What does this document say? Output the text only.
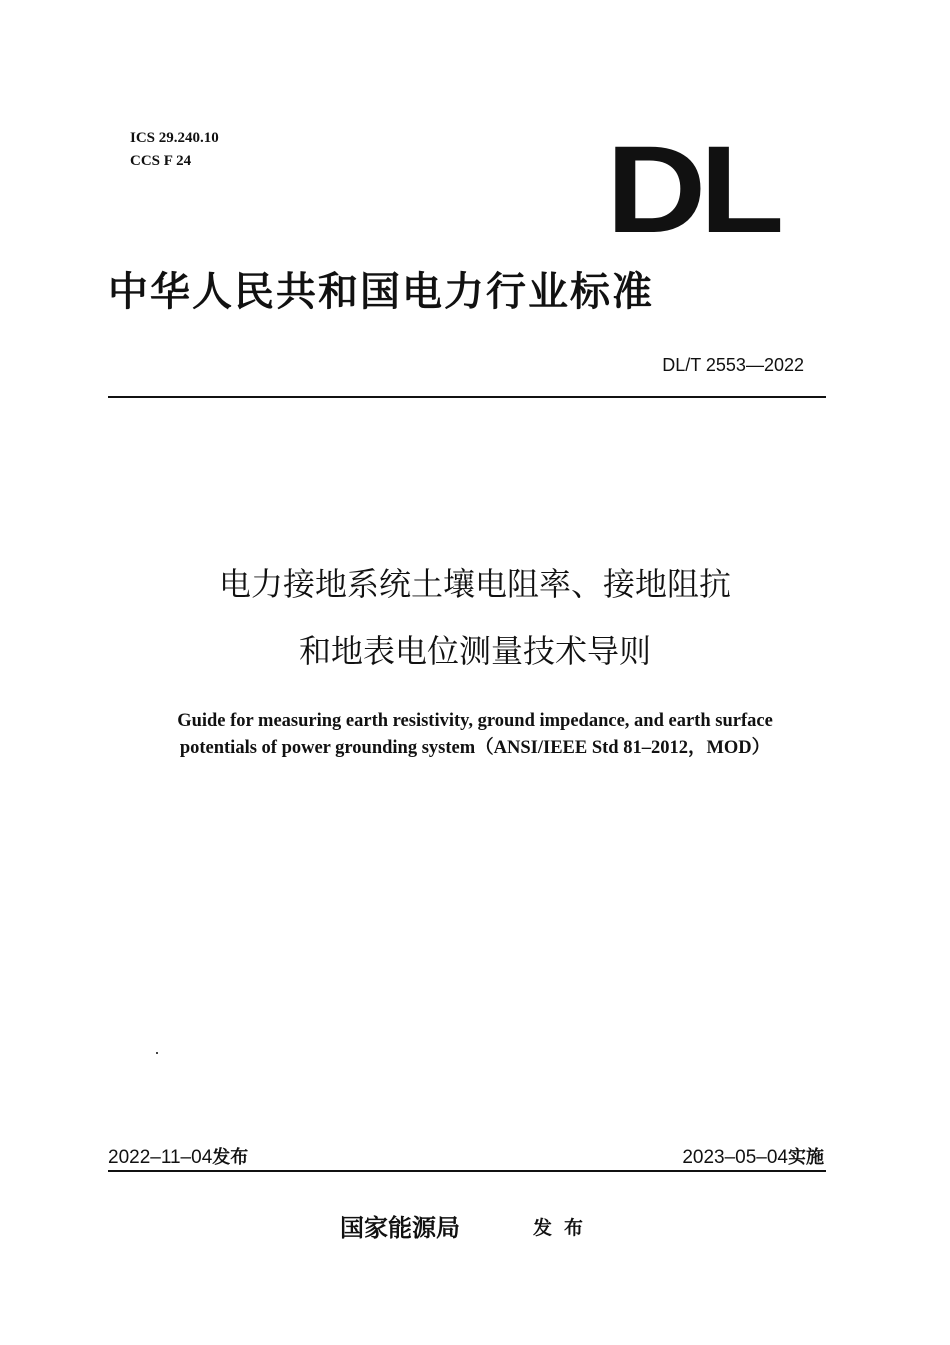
ICS 29.240.10
CCS F 24	DL
中华人民共和国电力行业标准
DL/T 2553—2022
电力接地系统土壤电阻率、接地阻抗
和地表电位测量技术导则
Guide for measuring earth resistivity, ground impedance, and earth surface
potentials of power grounding system（ANSI/IEEE Std 81–2012，MOD）
2022–11–04发布	2023–05–04实施
国家能源局	发布
